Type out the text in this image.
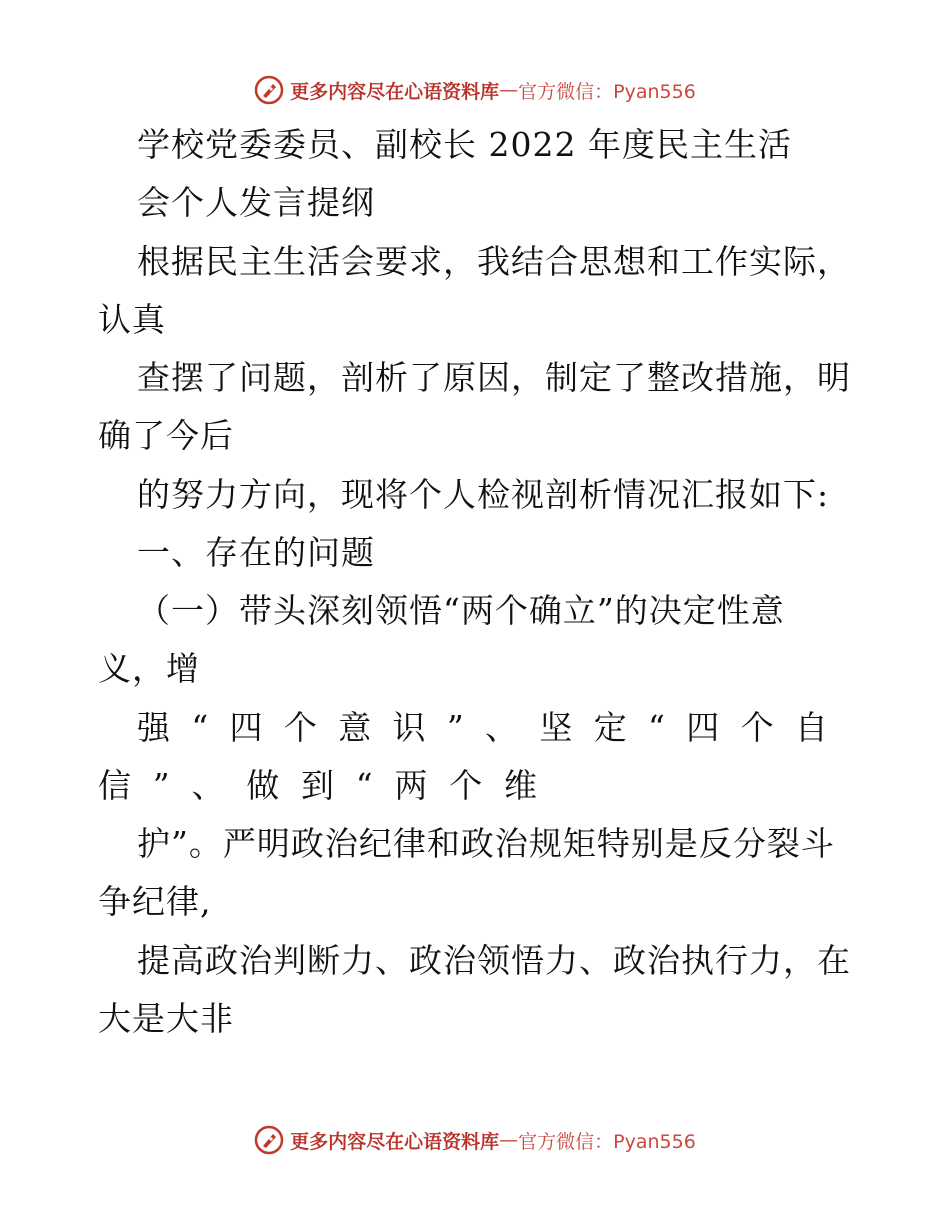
更多内容尽在心语资料库 — 官方微信：Pyan556
学校党委委员、副校长 2022 年度民主生活
会个人发言提纲
根据民主生活会要求，我结合思想和工作实际，
认真
查摆了问题，剖析了原因，制定了整改措施，明
确了今后
的努力方向，现将个人检视剖析情况汇报如下:
一、存在的问题
（一）带头深刻领悟“两个确立”的决定性意
义，增
强 “ 四 个 意 识 ” 、 坚 定 “ 四 个 自
信 ” 、 做 到 “ 两 个 维
护”。严明政治纪律和政治规矩特别是反分裂斗
争纪律,
提高政治判断力、政治领悟力、政治执行力，在
大是大非
更多内容尽在心语资料库 — 官方微信：Pyan556
